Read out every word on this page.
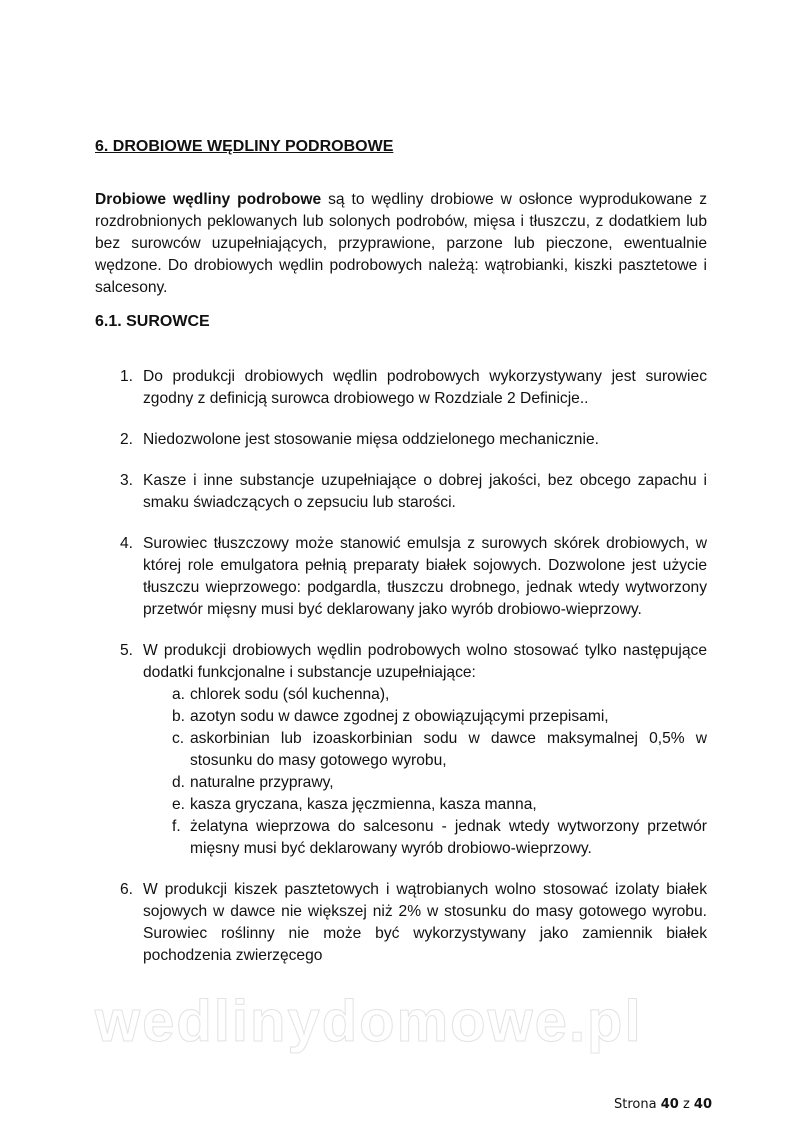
6. DROBIOWE WĘDLINY PODROBOWE
Drobiowe wędliny podrobowe są to wędliny drobiowe w osłonce wyprodukowane z rozdrobnionych peklowanych lub solonych podrobów, mięsa i tłuszczu, z dodatkiem lub bez surowców uzupełniających, przyprawione, parzone lub pieczone, ewentualnie wędzone. Do drobiowych wędlin podrobowych należą: wątrobianki, kiszki pasztetowe i salcesony.
6.1. SUROWCE
1. Do produkcji drobiowych wędlin podrobowych wykorzystywany jest surowiec zgodny z definicją surowca drobiowego w Rozdziale 2 Definicje..
2. Niedozwolone jest stosowanie mięsa oddzielonego mechanicznie.
3. Kasze i inne substancje uzupełniające o dobrej jakości, bez obcego zapachu i smaku świadczących o zepsuciu lub starości.
4. Surowiec tłuszczowy może stanowić emulsja z surowych skórek drobiowych, w której role emulgatora pełnią preparaty białek sojowych. Dozwolone jest użycie tłuszczu wieprzowego: podgardla, tłuszczu drobnego, jednak wtedy wytworzony przetwór mięsny musi być deklarowany jako wyrób drobiowo-wieprzowy.
5. W produkcji drobiowych wędlin podrobowych wolno stosować tylko następujące dodatki funkcjonalne i substancje uzupełniające:
a. chlorek sodu (sól kuchenna),
b. azotyn sodu w dawce zgodnej z obowiązującymi przepisami,
c. askorbinian lub izoaskorbinian sodu w dawce maksymalnej 0,5% w stosunku do masy gotowego wyrobu,
d. naturalne przyprawy,
e. kasza gryczana, kasza jęczmienna, kasza manna,
f. żelatyna wieprzowa do salcesonu - jednak wtedy wytworzony przetwór mięsny musi być deklarowany wyrób drobiowo-wieprzowy.
6. W produkcji kiszek pasztetowych i wątrobianych wolno stosować izolaty białek sojowych w dawce nie większej niż 2% w stosunku do masy gotowego wyrobu. Surowiec roślinny nie może być wykorzystywany jako zamiennik białek pochodzenia zwierzęcego
wedlinydomowe.pl
Strona 40 z 40
